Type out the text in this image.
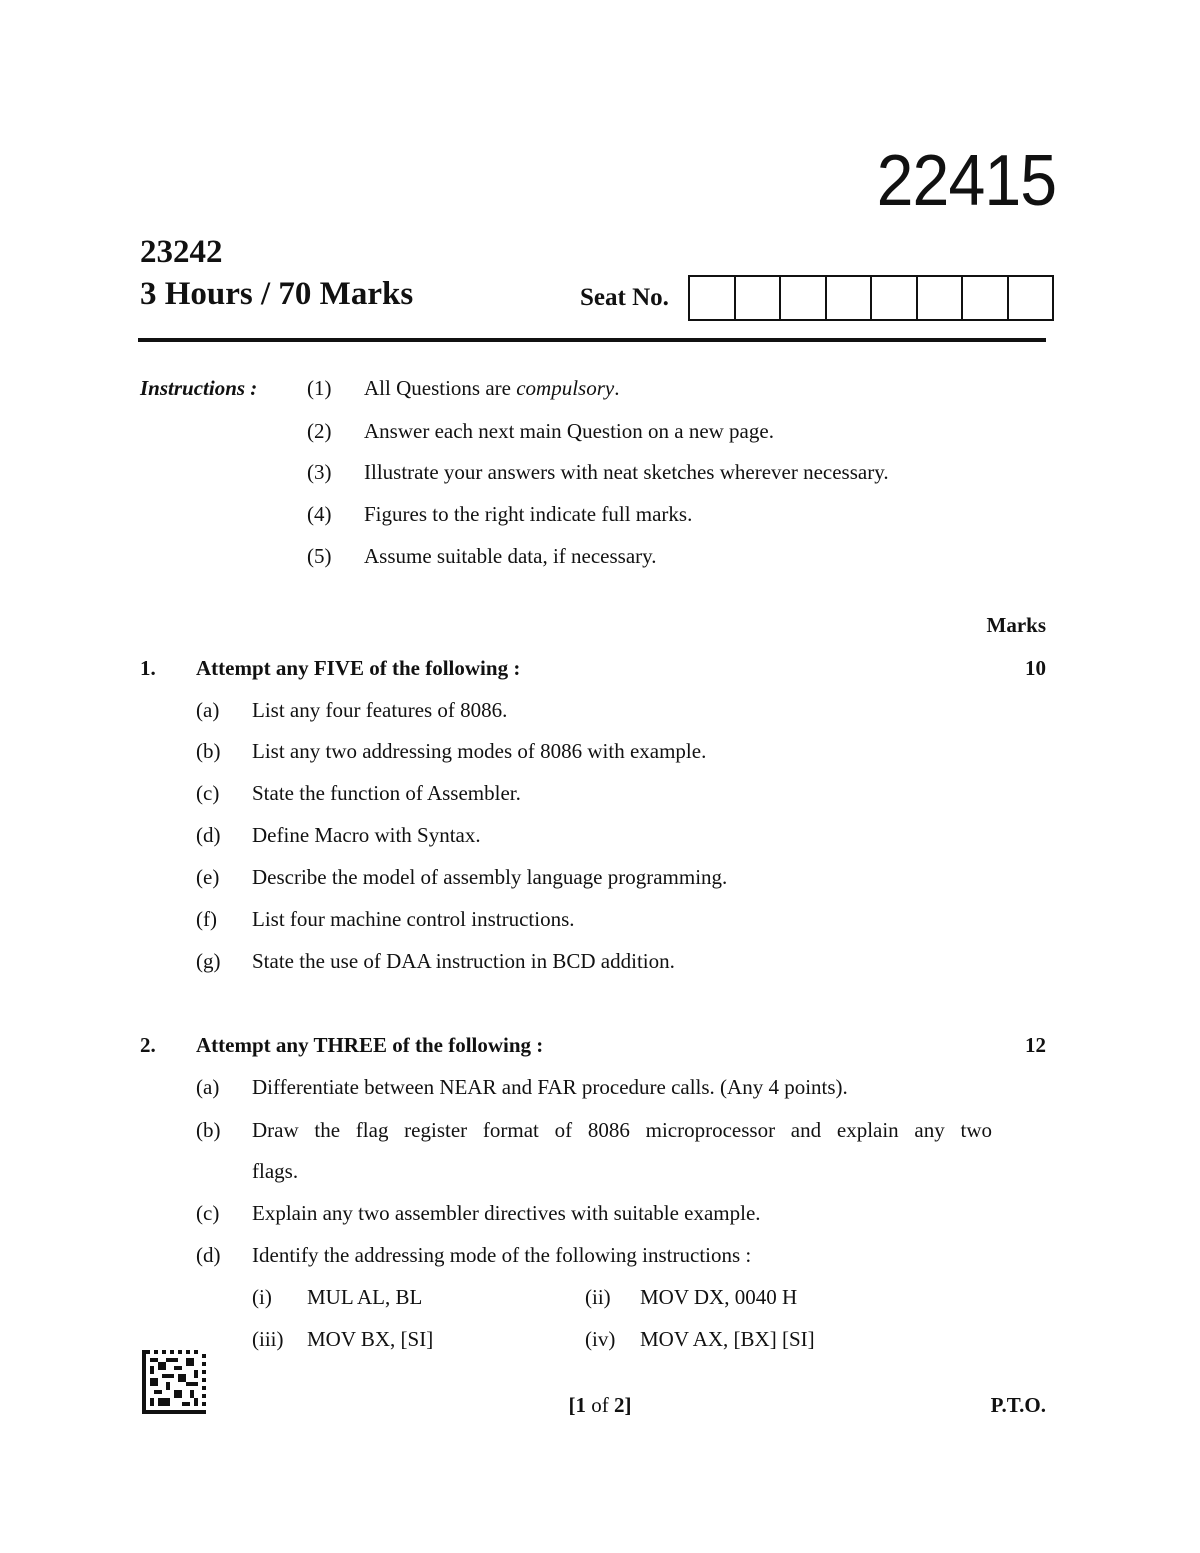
22415
23242
3 Hours / 70 Marks	Seat No.
Instructions : (1) All Questions are compulsory.
(2) Answer each next main Question on a new page.
(3) Illustrate your answers with neat sketches wherever necessary.
(4) Figures to the right indicate full marks.
(5) Assume suitable data, if necessary.
Marks
1. Attempt any FIVE of the following :	10
(a) List any four features of 8086.
(b) List any two addressing modes of 8086 with example.
(c) State the function of Assembler.
(d) Define Macro with Syntax.
(e) Describe the model of assembly language programming.
(f) List four machine control instructions.
(g) State the use of DAA instruction in BCD addition.
2. Attempt any THREE of the following :	12
(a) Differentiate between NEAR and FAR procedure calls. (Any 4 points).
(b) Draw the flag register format of 8086 microprocessor and explain any two
flags.
(c) Explain any two assembler directives with suitable example.
(d) Identify the addressing mode of the following instructions :
(i) MUL AL, BL	(ii) MOV DX, 0040 H
(iii) MOV BX, [SI]	(iv) MOV AX, [BX] [SI]
[1 of 2]	P.T.O.
